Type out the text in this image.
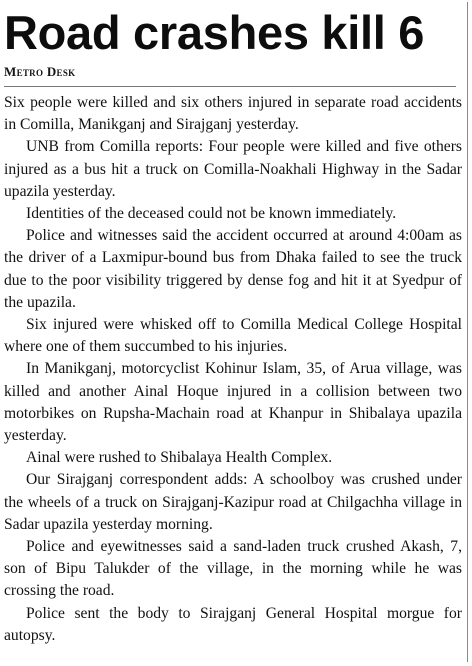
Road crashes kill 6
Metro Desk

Six people were killed and six others injured in separate road accidents in Comilla, Manikganj and Sirajganj yesterday.

UNB from Comilla reports: Four people were killed and five others injured as a bus hit a truck on Comilla-Noakhali Highway in the Sadar upazila yesterday.

Identities of the deceased could not be known immediately.

Police and witnesses said the accident occurred at around 4:00am as the driver of a Laxmipur-bound bus from Dhaka failed to see the truck due to the poor visibility triggered by dense fog and hit it at Syedpur of the upazila.

Six injured were whisked off to Comilla Medical College Hospital where one of them succumbed to his injuries.

In Manikganj, motorcyclist Kohinur Islam, 35, of Arua village, was killed and another Ainal Hoque injured in a collision between two motorbikes on Rupsha-Machain road at Khanpur in Shibalaya upazila yesterday.

Ainal were rushed to Shibalaya Health Complex.

Our Sirajganj correspondent adds: A schoolboy was crushed under the wheels of a truck on Sirajganj-Kazipur road at Chilgachha village in Sadar upazila yesterday morning.

Police and eyewitnesses said a sand-laden truck crushed Akash, 7, son of Bipu Talukder of the village, in the morning while he was crossing the road.

Police sent the body to Sirajganj General Hospital morgue for autopsy.
